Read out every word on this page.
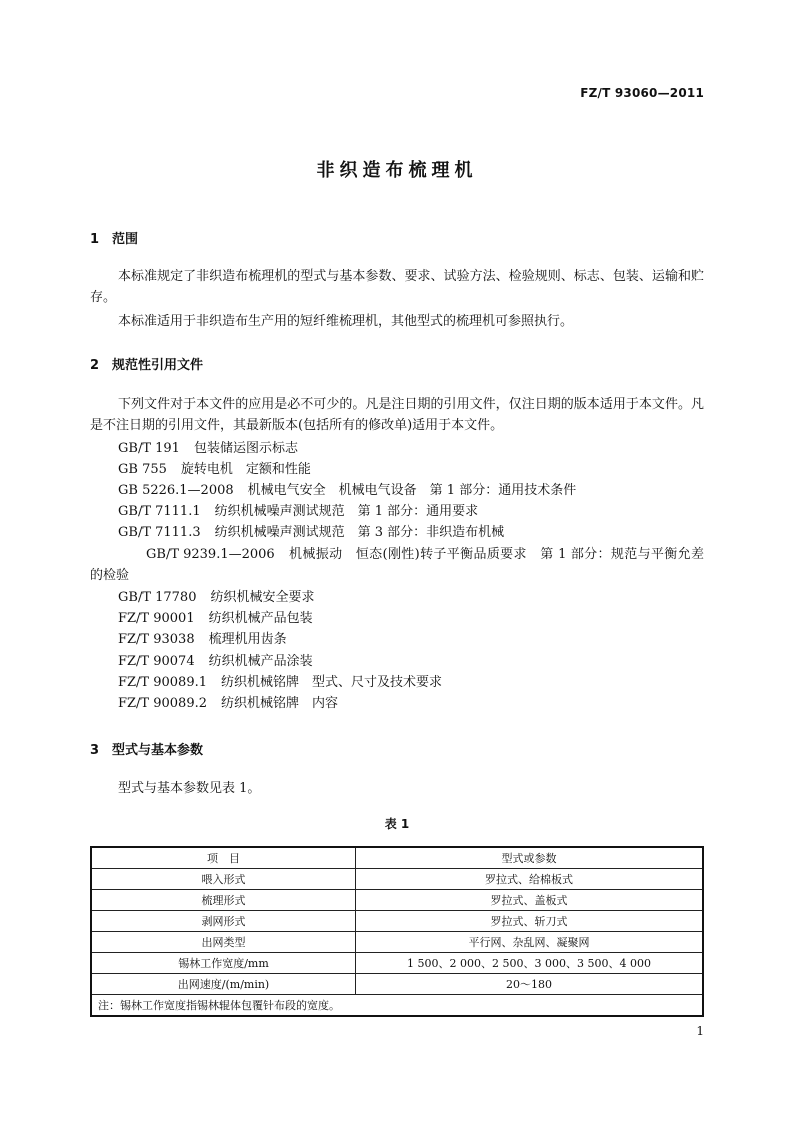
FZ/T 93060—2011
非织造布梳理机
1 范围
本标准规定了非织造布梳理机的型式与基本参数、要求、试验方法、检验规则、标志、包装、运输和贮存。
本标准适用于非织造布生产用的短纤维梳理机，其他型式的梳理机可参照执行。
2 规范性引用文件
下列文件对于本文件的应用是必不可少的。凡是注日期的引用文件，仅注日期的版本适用于本文件。凡是不注日期的引用文件，其最新版本(包括所有的修改单)适用于本文件。
GB/T 191 包装储运图示标志
GB 755 旋转电机　定额和性能
GB 5226.1—2008 机械电气安全　机械电气设备　第 1 部分：通用技术条件
GB/T 7111.1 纺织机械噪声测试规范　第 1 部分：通用要求
GB/T 7111.3 纺织机械噪声测试规范　第 3 部分：非织造布机械
GB/T 9239.1—2006 机械振动　恒态(刚性)转子平衡品质要求　第 1 部分：规范与平衡允差的检验
GB/T 17780 纺织机械安全要求
FZ/T 90001 纺织机械产品包装
FZ/T 93038 梳理机用齿条
FZ/T 90074 纺织机械产品涂装
FZ/T 90089.1 纺织机械铭牌　型式、尺寸及技术要求
FZ/T 90089.2 纺织机械铭牌　内容
3 型式与基本参数
型式与基本参数见表 1。
表 1
项　目	型式或参数
喂入形式	罗拉式、给棉板式
梳理形式	罗拉式、盖板式
剥网形式	罗拉式、斩刀式
出网类型	平行网、杂乱网、凝聚网
锡林工作宽度/mm	1 500、2 000、2 500、3 000、3 500、4 000
出网速度/(m/min)	20～180
注：锡林工作宽度指锡林辊体包覆针布段的宽度。	
1
